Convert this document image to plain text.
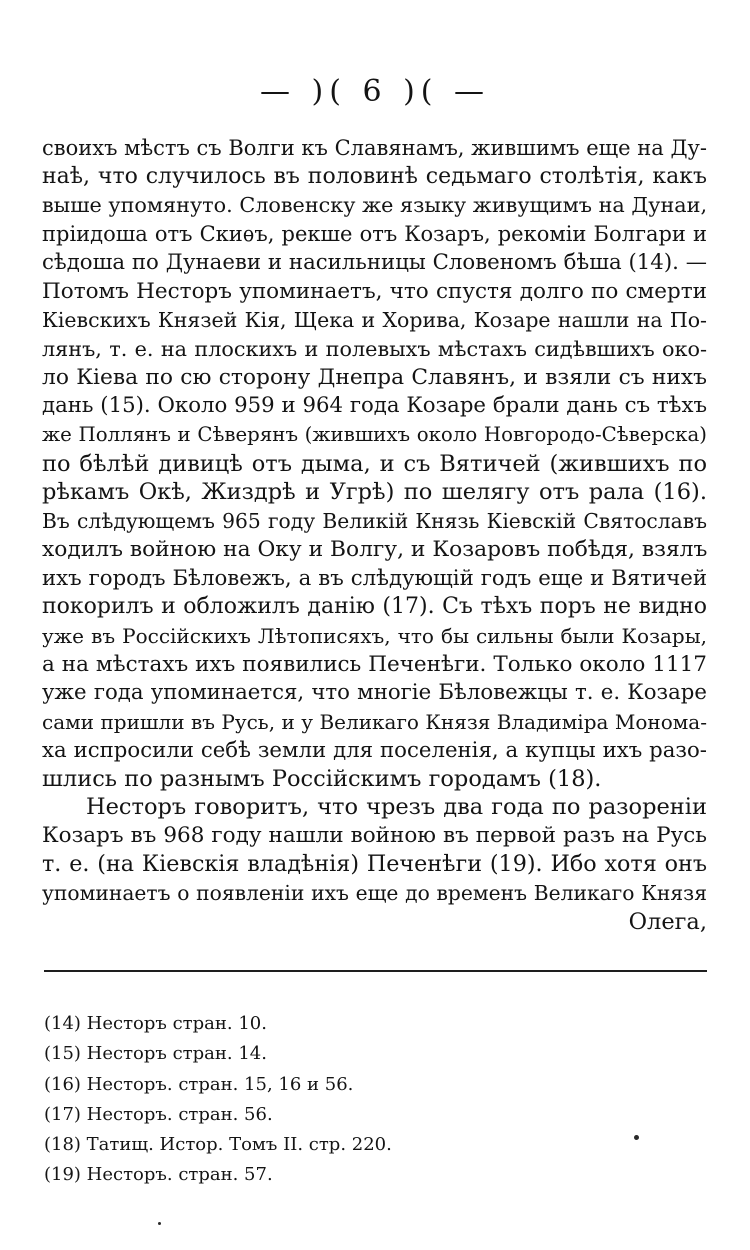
— )( 6 )( —
своихъ мѣстъ съ Волги къ Славянамъ, жившимъ еще на Ду-
наѣ, что случилось въ половинѣ седьмаго столѣтія, какъ
выше упомянуто. Словенску же языку живущимъ на Дунаи,
пріидоша отъ Скиѳъ, рекше отъ Козаръ, рекоміи Болгари и
сѣдоша по Дунаеви и насильницы Словеномъ бѣша (14). —
Потомъ Несторъ упоминаетъ, что спустя долго по смерти
Кіевскихъ Князей Кія, Щека и Хорива, Козаре нашли на По-
лянъ, т. е. на плоскихъ и полевыхъ мѣстахъ сидѣвшихъ око-
ло Кіева по сю сторону Днепра Славянъ, и взяли съ нихъ
дань (15). Около 959 и 964 года Козаре брали дань съ тѣхъ
же Поллянъ и Сѣверянъ (жившихъ около Новгородо-Сѣверска)
по бѣлѣй дивицѣ отъ дыма, и съ Вятичей (жившихъ по
рѣкамъ Окѣ, Жиздрѣ и Угрѣ) по шелягу отъ рала (16).
Въ слѣдующемъ 965 году Великій Князь Кіевскій Святославъ
ходилъ войною на Оку и Волгу, и Козаровъ побѣдя, взялъ
ихъ городъ Бѣловежъ, а въ слѣдующій годъ еще и Вятичей
покорилъ и обложилъ данію (17). Съ тѣхъ поръ не видно
уже въ Россійскихъ Лѣтописяхъ, что бы сильны были Козары,
а на мѣстахъ ихъ появились Печенѣги. Только около 1117
уже года упоминается, что многіе Бѣловежцы т. е. Козаре
сами пришли въ Русь, и у Великаго Князя Владиміра Монома-
ха испросили себѣ земли для поселенія, а купцы ихъ разо-
шлись по разнымъ Россійскимъ городамъ (18).
Несторъ говоритъ, что чрезъ два года по разореніи
Козаръ въ 968 году нашли войною въ первой разъ на Русь
т. е. (на Кіевскія владѣнія) Печенѣги (19). Ибо хотя онъ
упоминаетъ о появленіи ихъ еще до временъ Великаго Князя
Олега,
(14) Несторъ стран. 10.
(15) Несторъ стран. 14.
(16) Несторъ. стран. 15, 16 и 56.
(17) Несторъ. стран. 56.
(18) Татищ. Истор. Томъ II. стр. 220.
(19) Несторъ. стран. 57.
